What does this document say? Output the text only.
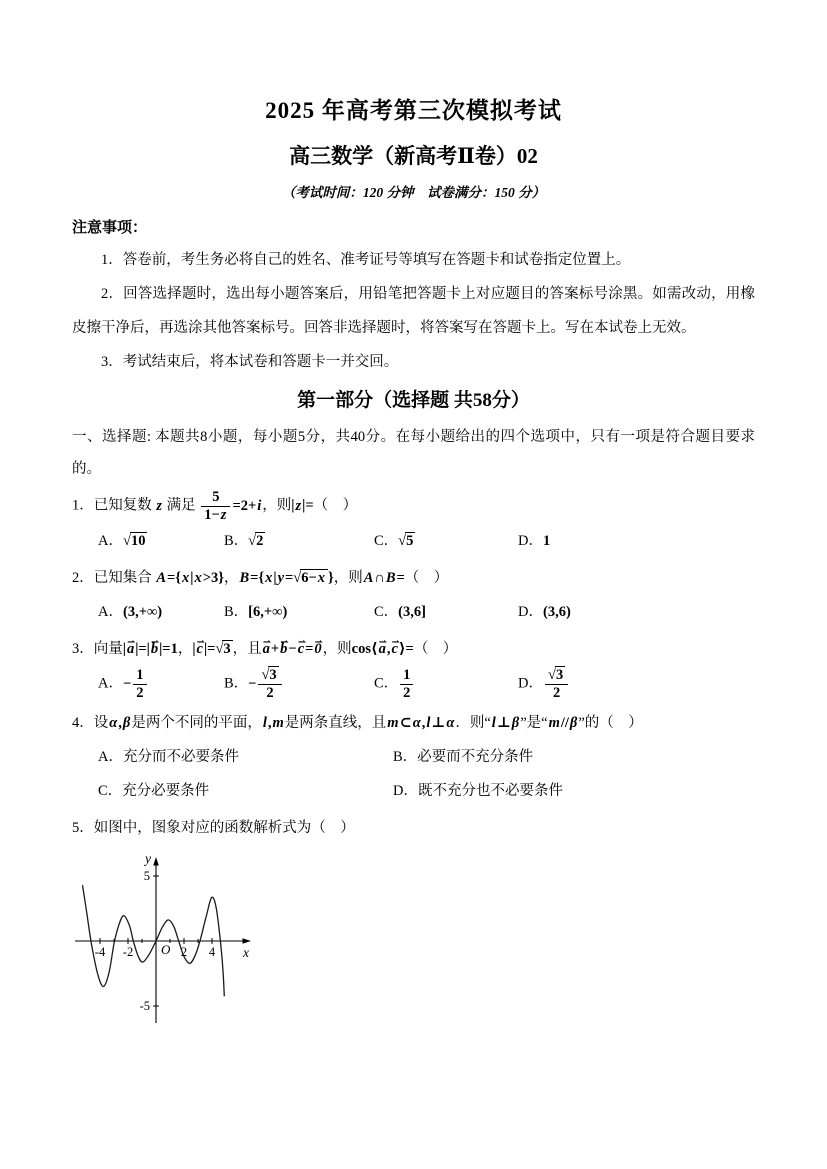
2025 年高考第三次模拟考试
高三数学（新高考Ⅱ卷）02
（考试时间：120 分钟　试卷满分：150 分）
注意事项：

1．答卷前，考生务必将自己的姓名、准考证号等填写在答题卡和试卷指定位置上。

2．回答选择题时，选出每小题答案后，用铅笔把答题卡上对应题目的答案标号涂黑。如需改动，用橡皮擦干净后，再选涂其他答案标号。回答非选择题时，将答案写在答题卡上。写在本试卷上无效。

3．考试结束后，将本试卷和答题卡一并交回。

第一部分（选择题 共58分）
一、选择题: 本题共8小题，每小题5分，共40分。在每小题给出的四个选项中，只有一项是符合题目要求的。
1．已知复数 z 满足 $\frac{5}{1-z} =2+i$，则|z|=（　）
A．√10	B．√2	C．√5	D．1
2．已知集合 A={x|x>3}，B={x|y=√6−x }，则A∩B=（　）
A．(3,+∞)	B．[6,+∞)	C．(3,6]	D．(3,6)
3．向量|a ⇀|=|b ⇀|=1，|c ⇀|=√3 ，且a ⇀+b ⇀−c ⇀=0 ⇀，则cos⟨a ⇀,c ⇀⟩=（　）
A．− $\frac{1}{2}$	B．− $\frac{√3}{2}$	C． $\frac{1}{2}$	D． $\frac{√3}{2}$
4．设α,β是两个不同的平面，l,m是两条直线，且m⊂α,l⊥α．则“l⊥β”是“m//β”的（　）
A．充分而不必要条件	B．必要而不充分条件
C．充分必要条件	D．既不充分也不必要条件
5．如图中，图象对应的函数解析式为（　）
-4 -2	2 4
5
-5
x
y
O
